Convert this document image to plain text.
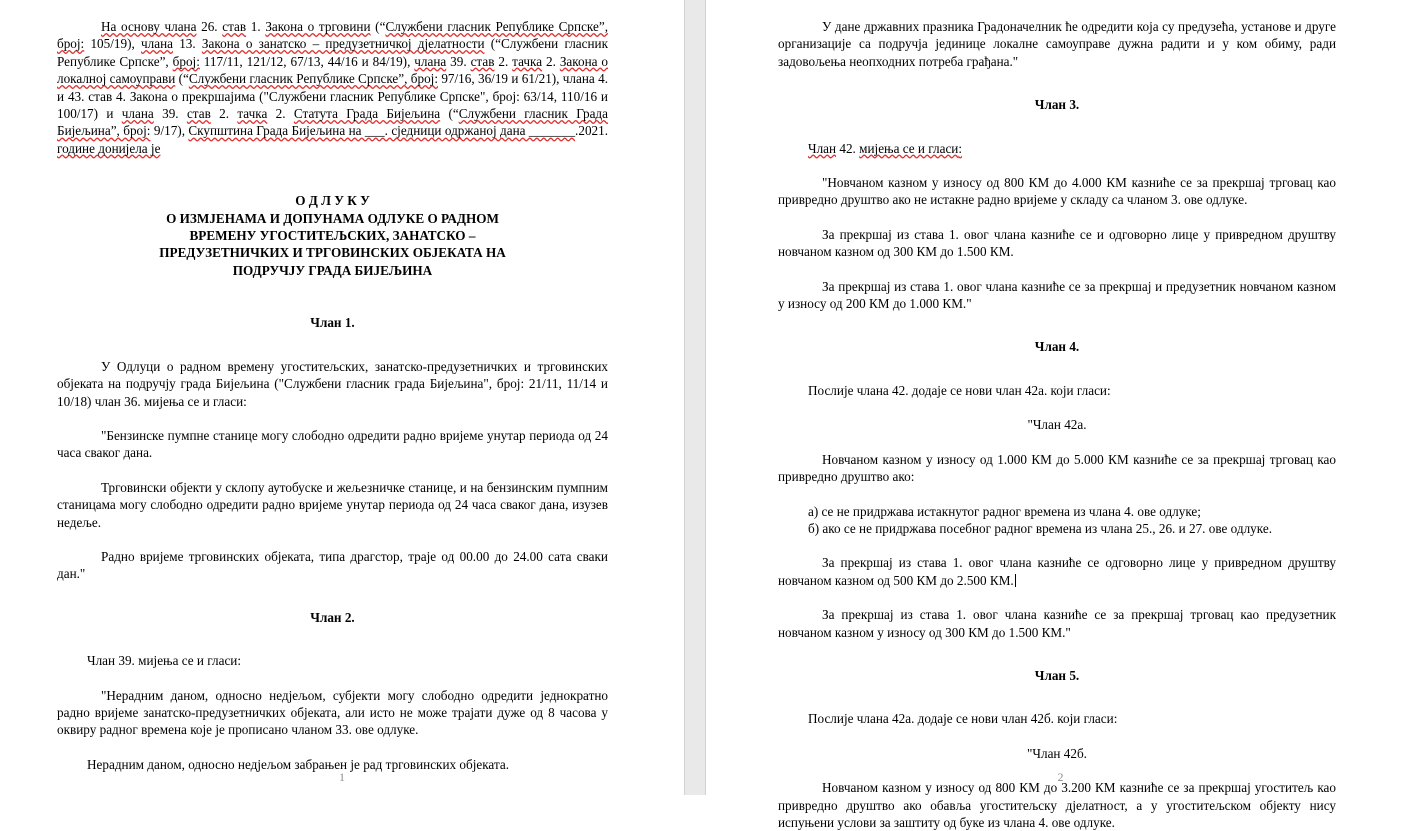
На основу члана 26. став 1. Закона о трговини (“Службени гласник Републике Српске”, број: 105/19), члана 13. Закона о занатско – предузетничкој дјелатности (“Службени гласник Републике Српске”, број: 117/11, 121/12, 67/13, 44/16 и 84/19), члана 39. став 2. тачка 2. Закона о локалној самоуправи (“Службени гласник Републике Српске”, број: 97/16, 36/19 и 61/21), члана 4. и 43. став 4. Закона о прекршајима ("Службени гласник Републике Српске", број: 63/14, 110/16 и 100/17) и члана 39. став 2. тачка 2. Статута Града Бијељина (“Службени гласник Града Бијељина”, број: 9/17), Скупштина Града Бијељина на ___. сједници одржаној дана _______.2021. године донијела је

О Д Л У К У
О ИЗМЈЕНАМА И ДОПУНАМА ОДЛУКЕ О РАДНОМ
ВРЕМЕНУ УГОСТИТЕЉСКИХ, ЗАНАТСКО –
ПРЕДУЗЕТНИЧКИХ И ТРГОВИНСКИХ ОБЈЕКАТА НА
ПОДРУЧЈУ ГРАДА БИЈЕЉИНА
Члан 1.

У Одлуци о радном времену угоститељских, занатско-предузетничких и трговинских објеката на подручју града Бијељина ("Службени гласник града Бијељина", број: 21/11, 11/14 и 10/18) члан 36. мијења се и гласи:

"Бензинске пумпне станице могу слободно одредити радно вријеме унутар периода од 24 часа сваког дана.

Трговински објекти у склопу аутобуске и жељезничке станице, и на бензинским пумпним станицама могу слободно одредити радно вријеме унутар периода од 24 часа сваког дана, изузев недеље.

Радно вријеме трговинских објеката, типа драгстор, траје од 00.00 до 24.00 сата сваки дан."

Члан 2.

Члан 39. мијења се и гласи:

"Нерадним даном, односно недјељом, субјекти могу слободно одредити једнократно радно вријеме занатско-предузетничких објеката, али исто не може трајати дуже од 8 часова у оквиру радног времена које је прописано чланом 33. ове одлуке.

Нерадним даном, односно недјељом забрањен је рад трговинских објеката.

1

У дане државних празника Градоначелник ће одредити која су предузећа, установе и друге организације са подручја јединице локалне самоуправе дужна радити и у ком обиму, ради задовољења неопходних потреба грађана."

Члан 3.

Члан 42. мијења се и гласи:

"Новчаном казном у износу од 800 КМ до 4.000 КМ казниће се за прекршај трговац као привредно друштво ако не истакне радно вријеме у складу са чланом 3. ове одлуке.

За прекршај из става 1. овог члана казниће се и одговорно лице у привредном друштву новчаном казном од 300 КМ до 1.500 КМ.

За прекршај из става 1. овог члана казниће се за прекршај и предузетник новчаном казном у износу од 200 КМ до 1.000 КМ."

Члан 4.

Послије члана 42. додаје се нови члан 42а. који гласи:

"Члан 42а.

Новчаном казном у износу од 1.000 КМ до 5.000 КМ казниће се за прекршај трговац као привредно друштво ако:

а) се не придржава истакнутог радног времена из члана 4. ове одлуке;

б) ако се не придржава посебног радног времена из члана 25., 26. и 27. ове одлуке.

За прекршај из става 1. овог члана казниће се одговорно лице у привредном друштву новчаном казном од 500 КМ до 2.500 КМ.

За прекршај из става 1. овог члана казниће се за прекршај трговац као предузетник новчаном казном у износу од 300 КМ до 1.500 КМ."

Члан 5.

Послије члана 42а. додаје се нови члан 42б. који гласи:

"Члан 42б.

Новчаном казном у износу од 800 КМ до 3.200 КМ казниће се за прекршај угоститељ као привредно друштво ако обавља угоститељску дјелатност, а у угоститељском објекту нису испуњени услови за заштиту од буке из члана 4. ове одлуке.

2
